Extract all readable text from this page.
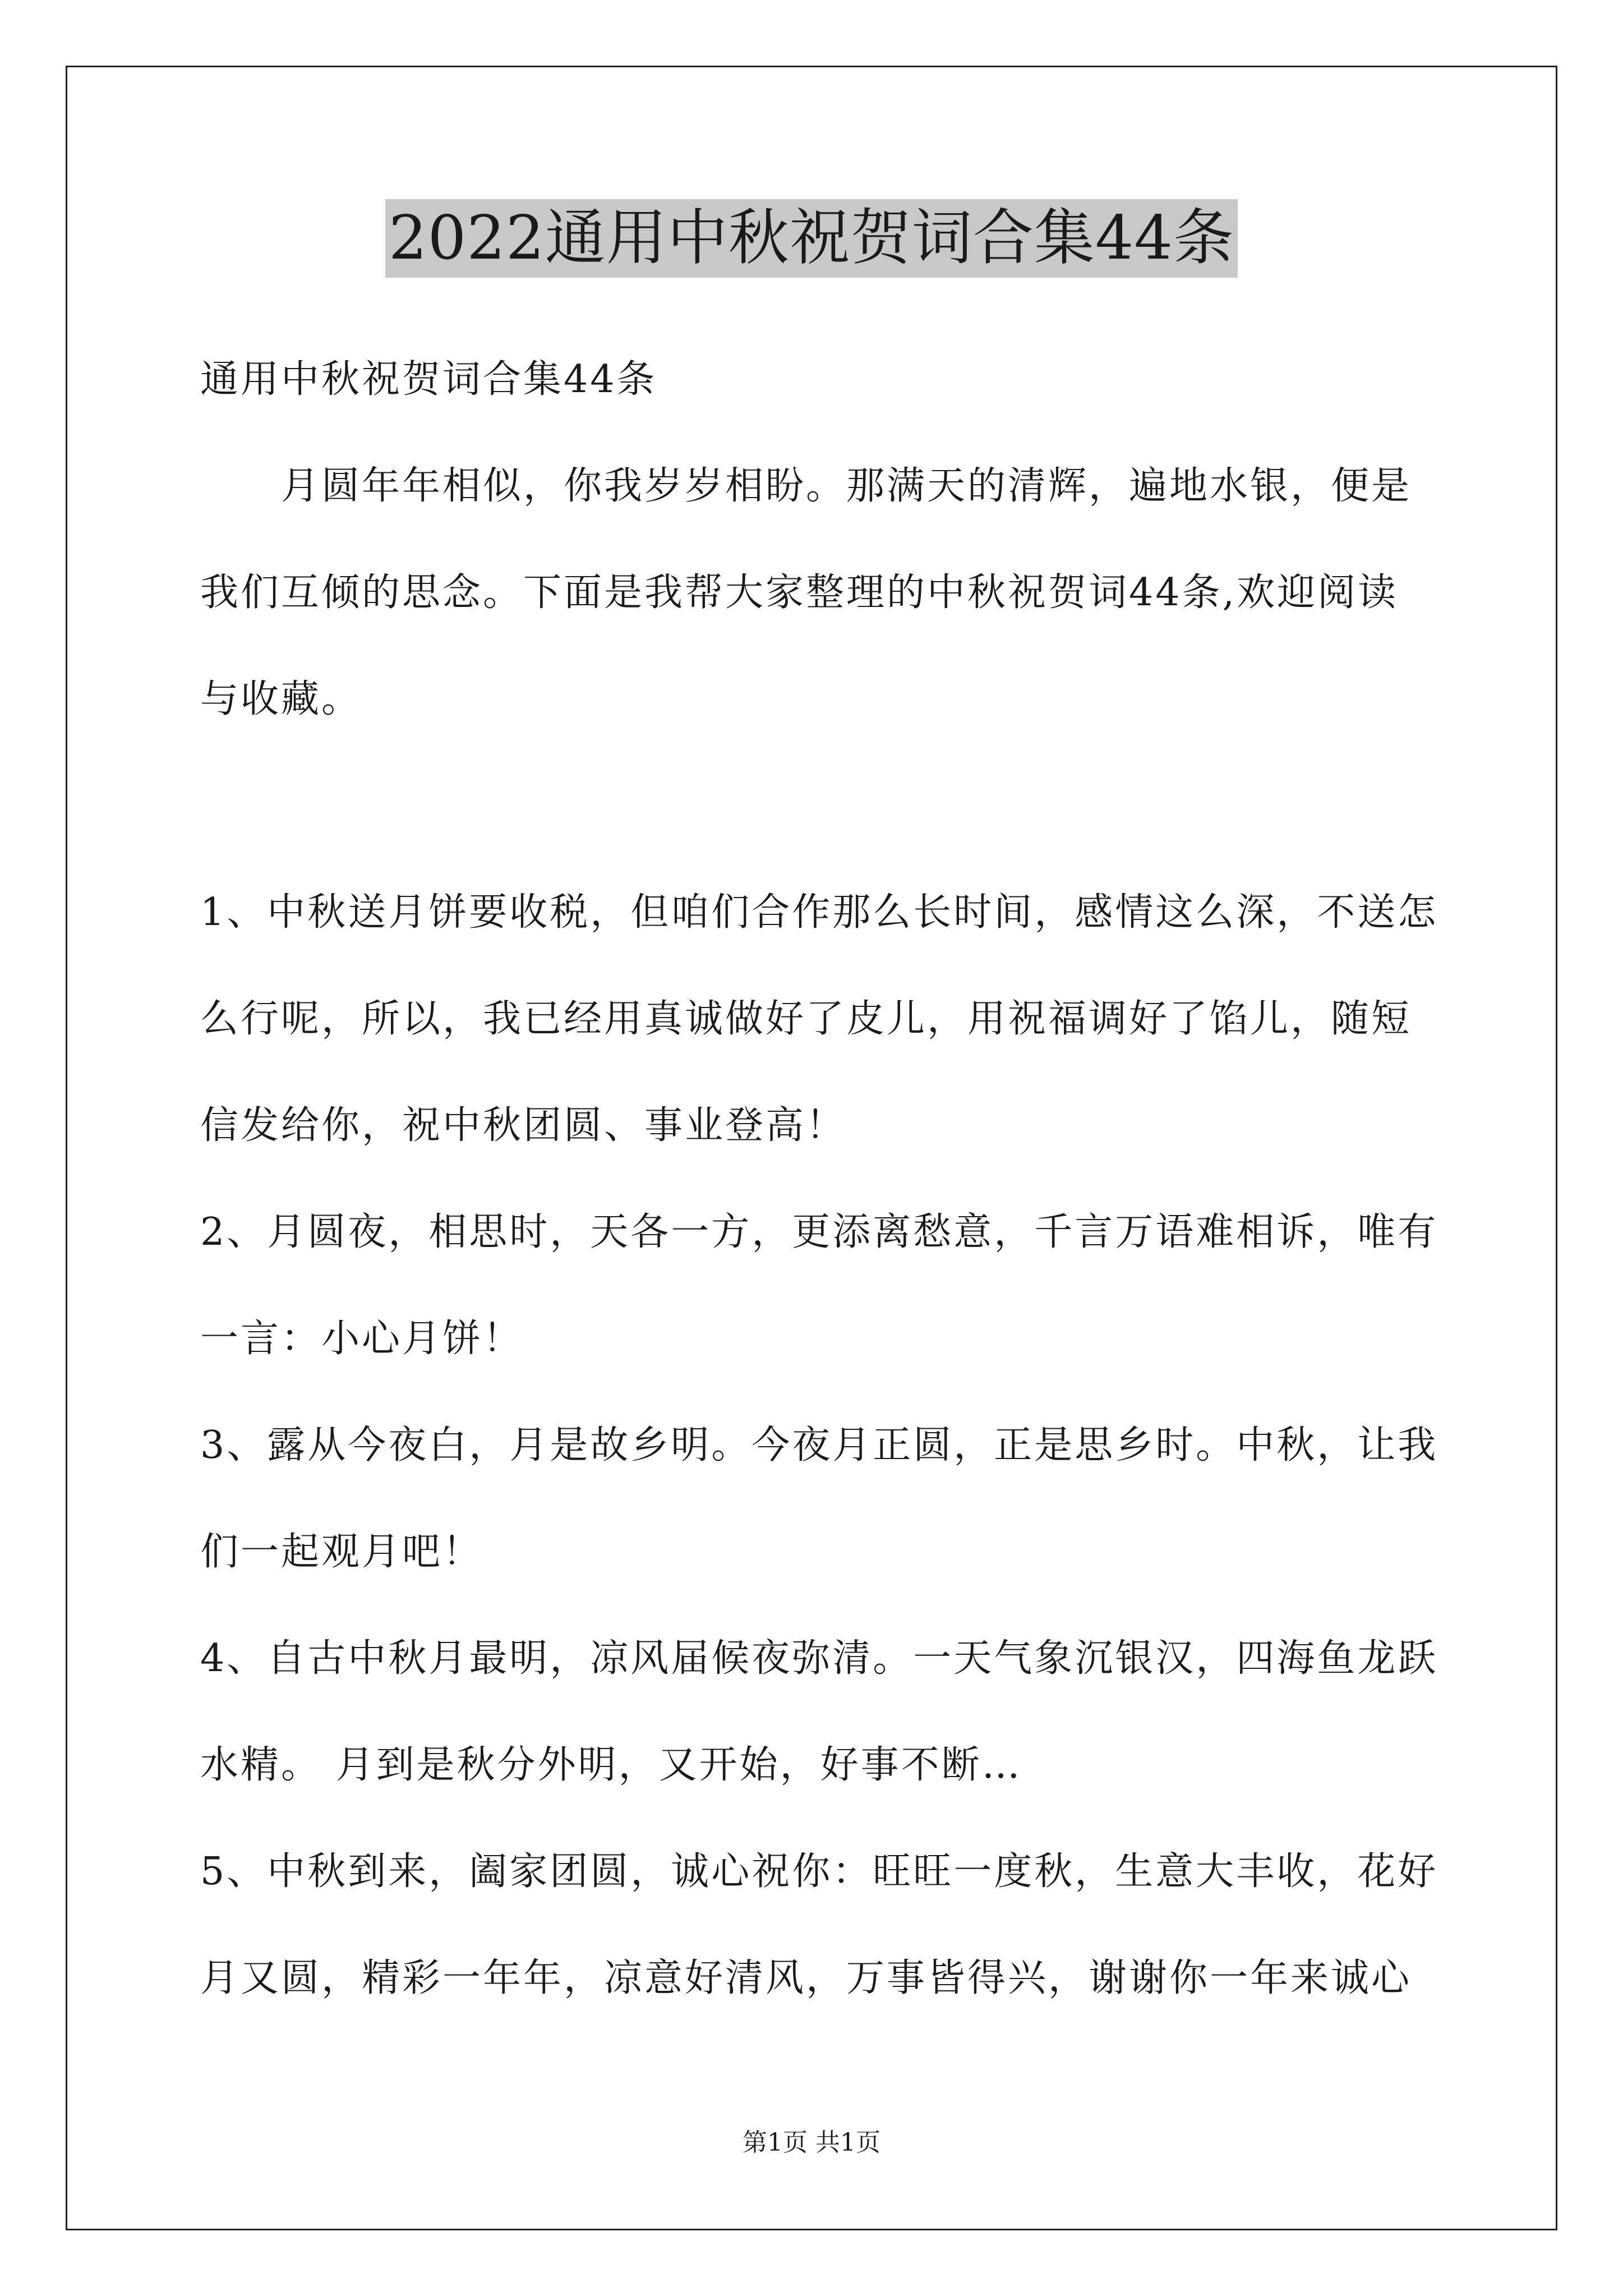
2022通用中秋祝贺词合集44条
通用中秋祝贺词合集44条
　　月圆年年相似，你我岁岁相盼。那满天的清辉，遍地水银，便是
我们互倾的思念。下面是我帮大家整理的中秋祝贺词44条,欢迎阅读
与收藏。
1、中秋送月饼要收税，但咱们合作那么长时间，感情这么深，不送怎
么行呢，所以，我已经用真诚做好了皮儿，用祝福调好了馅儿，随短
信发给你，祝中秋团圆、事业登高！
2、月圆夜，相思时，天各一方，更添离愁意，千言万语难相诉，唯有
一言：小心月饼！
3、露从今夜白，月是故乡明。今夜月正圆，正是思乡时。中秋，让我
们一起观月吧！
4、自古中秋月最明，凉风届候夜弥清。一天气象沉银汉，四海鱼龙跃
水精。 月到是秋分外明，又开始，好事不断…
5、中秋到来，阖家团圆，诚心祝你：旺旺一度秋，生意大丰收，花好
月又圆，精彩一年年，凉意好清风，万事皆得兴，谢谢你一年来诚心
第1页 共1页
